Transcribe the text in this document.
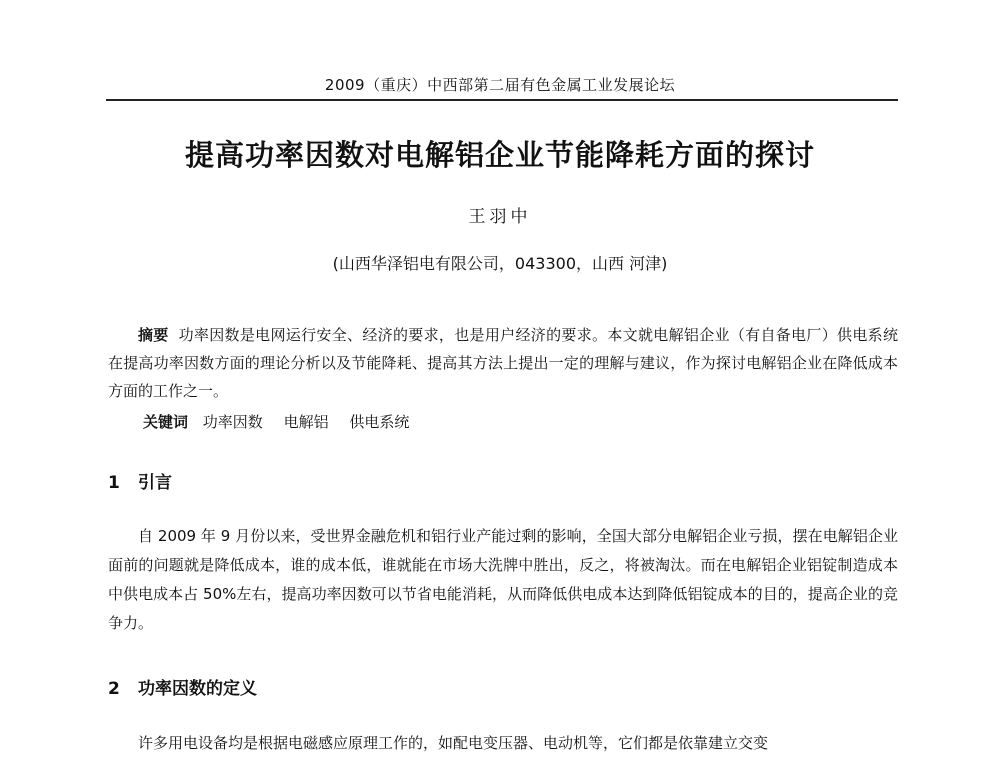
2009（重庆）中西部第二届有色金属工业发展论坛
提高功率因数对电解铝企业节能降耗方面的探讨
王羽中
(山西华泽铝电有限公司，043300，山西 河津)

摘要 功率因数是电网运行安全、经济的要求，也是用户经济的要求。本文就电解铝企业（有自备电厂）供电系统在提高功率因数方面的理论分析以及节能降耗、提高其方法上提出一定的理解与建议，作为探讨电解铝企业在降低成本方面的工作之一。

关键词 功率因数 电解铝 供电系统
1 引言

自 2009 年 9 月份以来，受世界金融危机和铝行业产能过剩的影响，全国大部分电解铝企业亏损，摆在电解铝企业面前的问题就是降低成本，谁的成本低，谁就能在市场大洗牌中胜出，反之，将被淘汰。而在电解铝企业铝锭制造成本中供电成本占 50%左右，提高功率因数可以节省电能消耗，从而降低供电成本达到降低铝锭成本的目的，提高企业的竞争力。

2 功率因数的定义

许多用电设备均是根据电磁感应原理工作的，如配电变压器、电动机等，它们都是依靠建立交变
